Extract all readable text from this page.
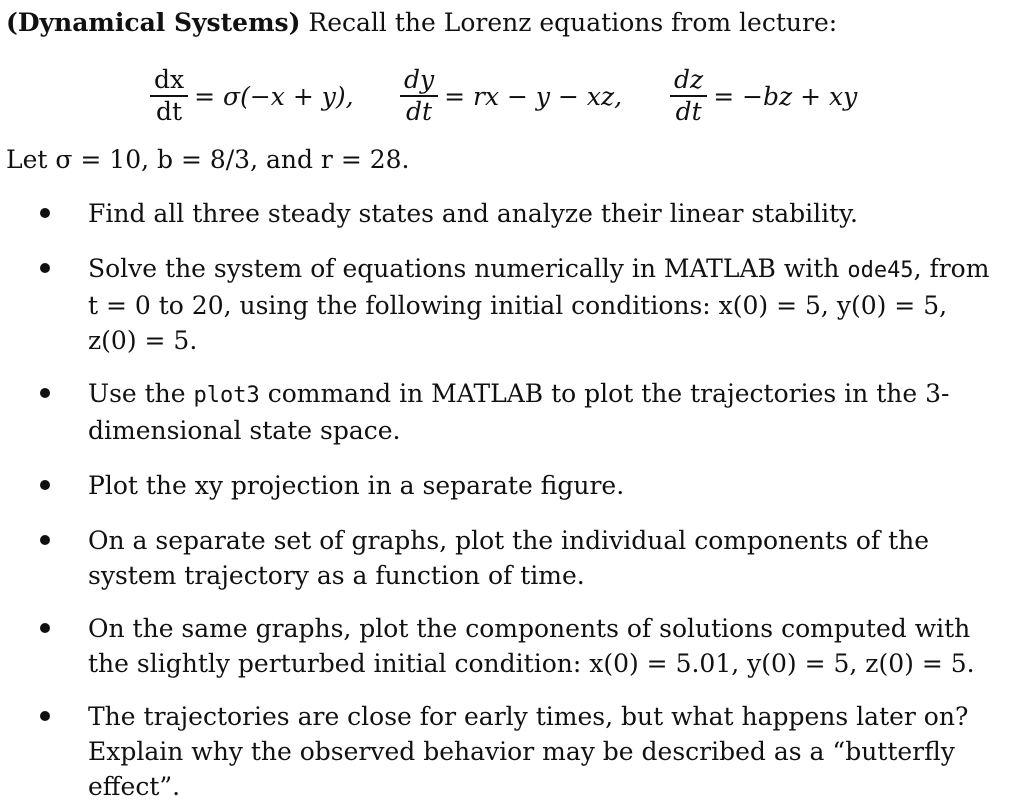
(Dynamical Systems) Recall the Lorenz equations from lecture:
$\frac{dx}{dt} = \sigma(-x + y)$, $\frac{dy}{dt}$ = rx − y − xz, $\frac{dz}{dt} = -bz$ + xy
Let σ = 10, b = 8/3, and r = 28.
Find all three steady states and analyze their linear stability.
Solve the system of equations numerically in MATLAB with ode45, from t = 0 to 20, using the following initial conditions: x(0) = 5, y(0) = 5, z(0) = 5.
Use the plot3 command in MATLAB to plot the trajectories in the 3-dimensional state space.
Plot the xy projection in a separate figure.
On a separate set of graphs, plot the individual components of the system trajectory as a function of time.
On the same graphs, plot the components of solutions computed with the slightly perturbed initial condition: x(0) = 5.01, y(0) = 5, z(0) = 5.
The trajectories are close for early times, but what happens later on? Explain why the observed behavior may be described as a “butterfly effect”.
